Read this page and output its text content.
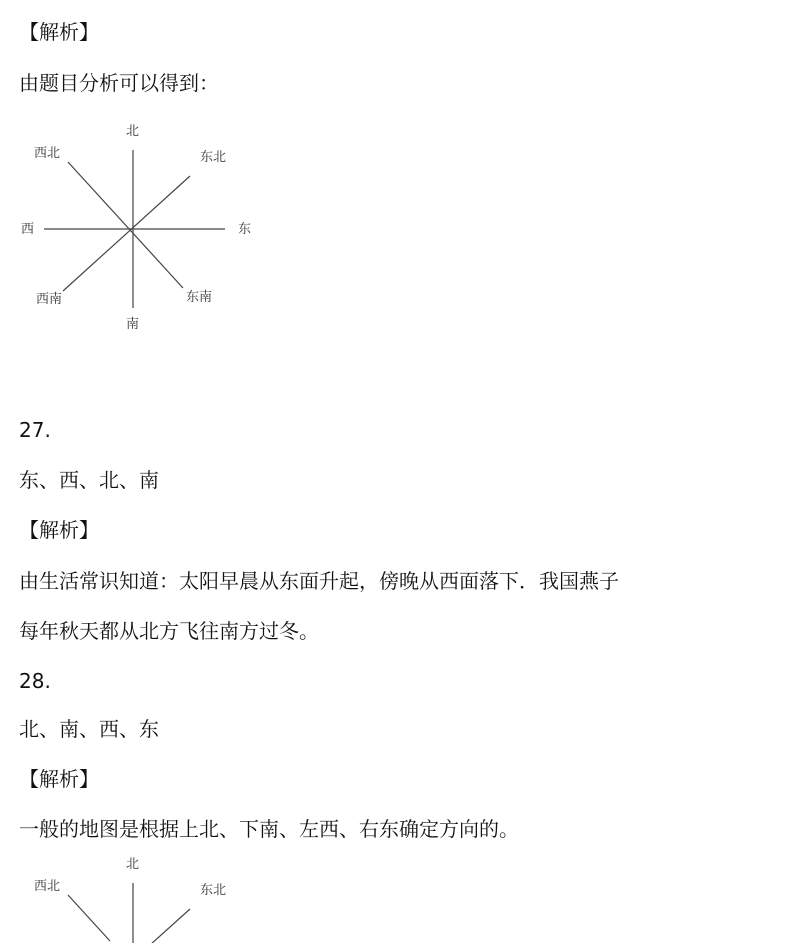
【解析】
由题目分析可以得到：
北
南
西	东
西北	东北
西南	东南
27.
东、西、北、南
【解析】
由生活常识知道：太阳早晨从东面升起，傍晚从西面落下．我国燕子
每年秋天都从北方飞往南方过冬。
28.
北、南、西、东
【解析】
一般的地图是根据上北、下南、左西、右东确定方向的。
北
西北	东北
